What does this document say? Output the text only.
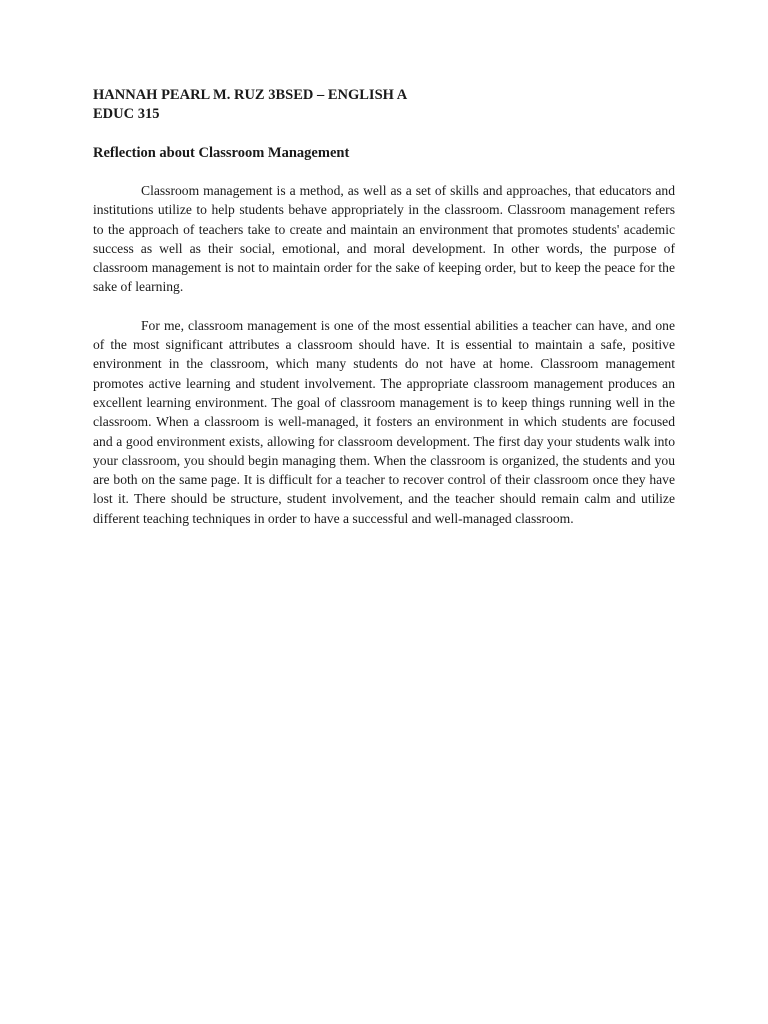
HANNAH PEARL M. RUZ 3BSED – ENGLISH A

EDUC 315

Reflection about Classroom Management

Classroom management is a method, as well as a set of skills and approaches, that educators and institutions utilize to help students behave appropriately in the classroom. Classroom management refers to the approach of teachers take to create and maintain an environment that promotes students' academic success as well as their social, emotional, and moral development. In other words, the purpose of classroom management is not to maintain order for the sake of keeping order, but to keep the peace for the sake of learning.

For me, classroom management is one of the most essential abilities a teacher can have, and one of the most significant attributes a classroom should have. It is essential to maintain a safe, positive environment in the classroom, which many students do not have at home. Classroom management promotes active learning and student involvement. The appropriate classroom management produces an excellent learning environment. The goal of classroom management is to keep things running well in the classroom. When a classroom is well-managed, it fosters an environment in which students are focused and a good environment exists, allowing for classroom development. The first day your students walk into your classroom, you should begin managing them. When the classroom is organized, the students and you are both on the same page. It is difficult for a teacher to recover control of their classroom once they have lost it. There should be structure, student involvement, and the teacher should remain calm and utilize different teaching techniques in order to have a successful and well-managed classroom.
